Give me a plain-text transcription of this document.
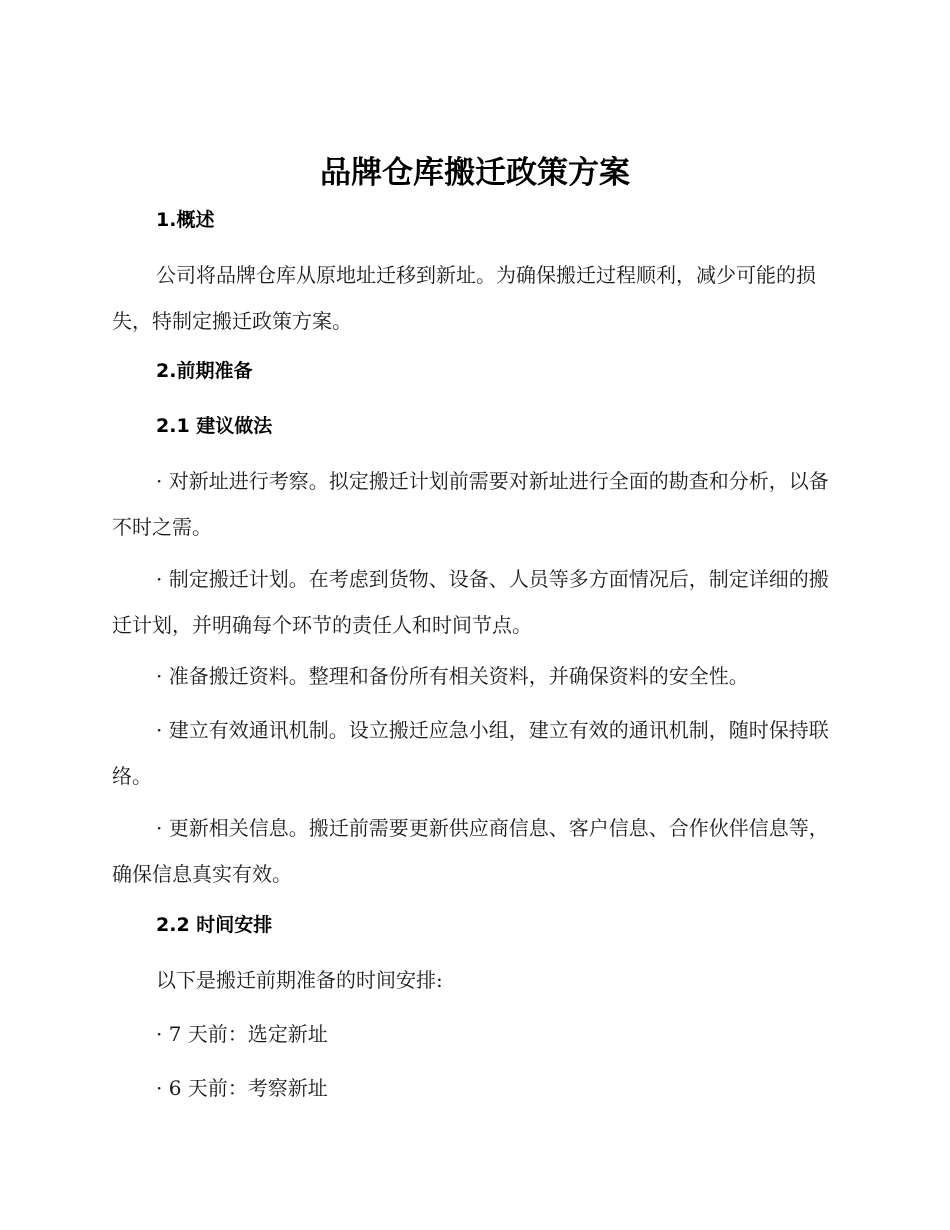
品牌仓库搬迁政策方案

1.概述

公司将品牌仓库从原地址迁移到新址。为确保搬迁过程顺利，减少可能的损失，特制定搬迁政策方案。

2.前期准备

2.1 建议做法

· 对新址进行考察。拟定搬迁计划前需要对新址进行全面的勘查和分析，以备不时之需。

· 制定搬迁计划。在考虑到货物、设备、人员等多方面情况后，制定详细的搬迁计划，并明确每个环节的责任人和时间节点。

· 准备搬迁资料。整理和备份所有相关资料，并确保资料的安全性。

· 建立有效通讯机制。设立搬迁应急小组，建立有效的通讯机制，随时保持联络。

· 更新相关信息。搬迁前需要更新供应商信息、客户信息、合作伙伴信息等，确保信息真实有效。

2.2 时间安排

以下是搬迁前期准备的时间安排:

· 7 天前：选定新址

· 6 天前：考察新址
